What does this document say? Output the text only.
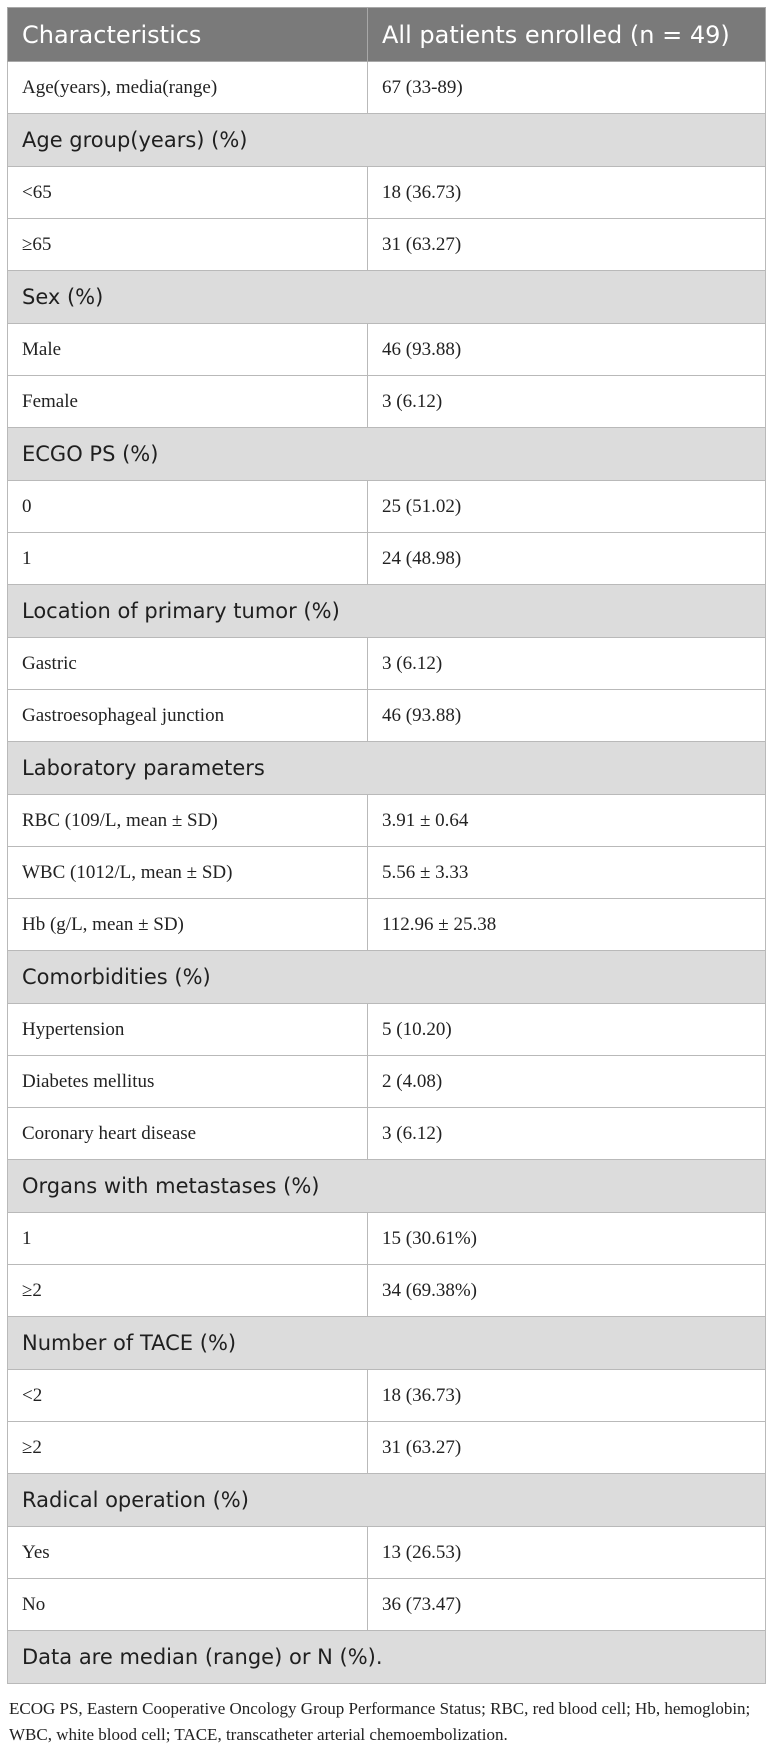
Characteristics	All patients enrolled (n = 49)
Age(years), media(range)	67 (33-89)
Age group(years) (%)	
<65	18 (36.73)
≥65	31 (63.27)
Sex (%)	
Male	46 (93.88)
Female	3 (6.12)
ECGO PS (%)	
0	25 (51.02)
1	24 (48.98)
Location of primary tumor (%)	
Gastric	3 (6.12)
Gastroesophageal junction	46 (93.88)
Laboratory parameters	
RBC (109/L, mean ± SD)	3.91 ± 0.64
WBC (1012/L, mean ± SD)	5.56 ± 3.33
Hb (g/L, mean ± SD)	112.96 ± 25.38
Comorbidities (%)	
Hypertension	5 (10.20)
Diabetes mellitus	2 (4.08)
Coronary heart disease	3 (6.12)
Organs with metastases (%)	
1	15 (30.61%)
≥2	34 (69.38%)
Number of TACE (%)	
<2	18 (36.73)
≥2	31 (63.27)
Radical operation (%)	
Yes	13 (26.53)
No	36 (73.47)
Data are median (range) or N (%).	
ECOG PS, Eastern Cooperative Oncology Group Performance Status; RBC, red blood cell; Hb, hemoglobin; WBC, white blood cell; TACE, transcatheter arterial chemoembolization.
